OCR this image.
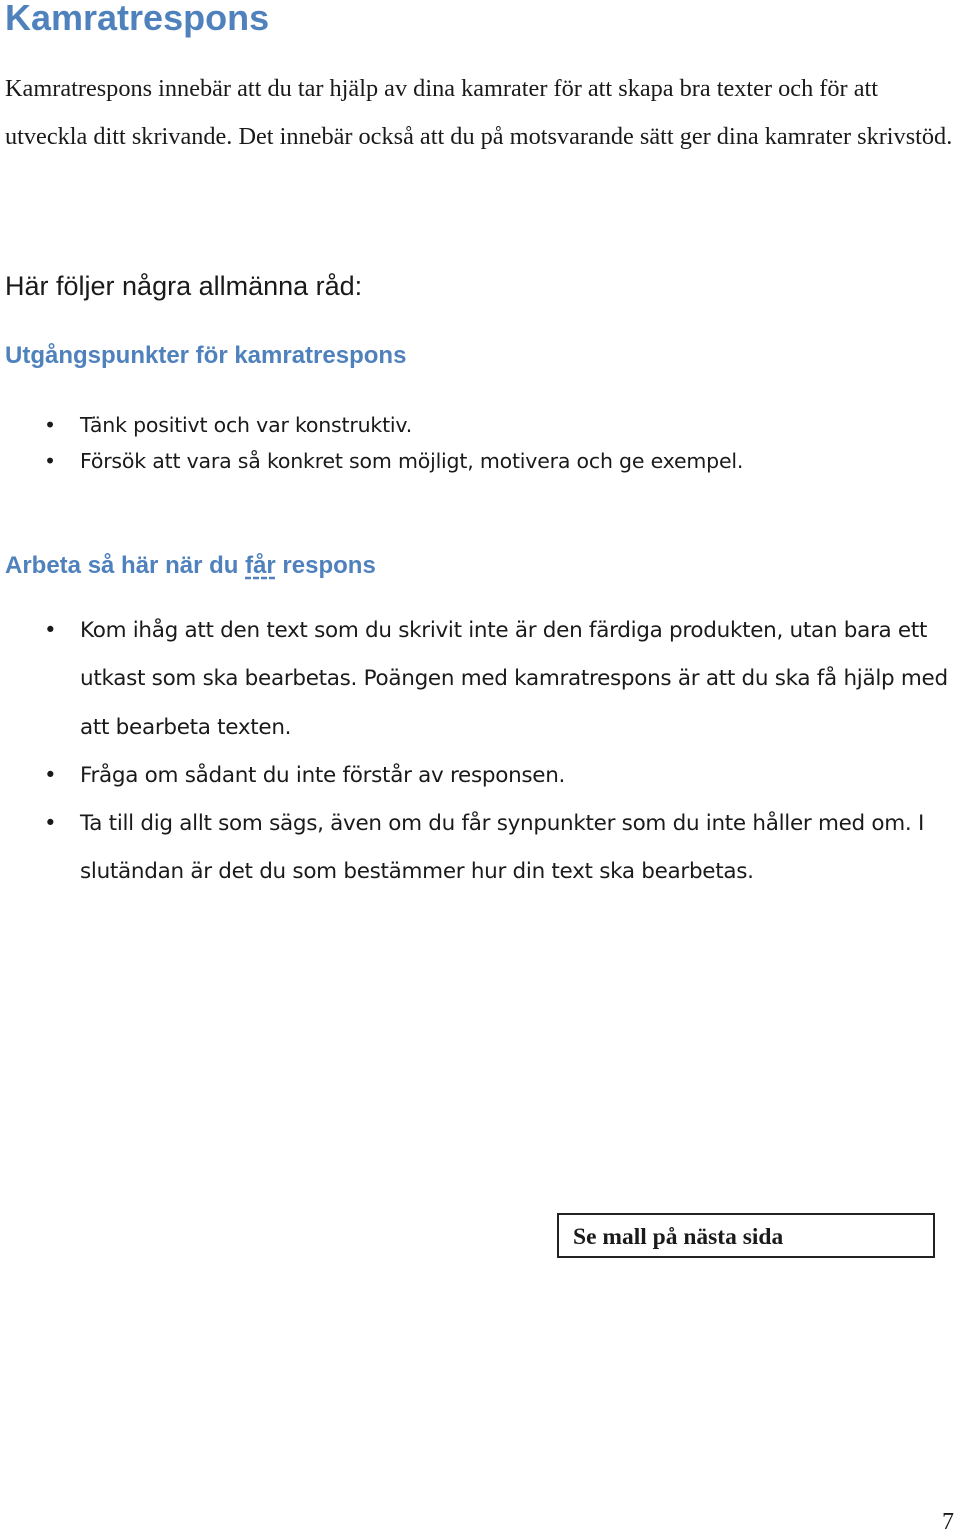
Kamratrespons

Kamratrespons innebär att du tar hjälp av dina kamrater för att skapa bra texter och för att utveckla ditt skrivande. Det innebär också att du på motsvarande sätt ger dina kamrater skrivstöd.

Här följer några allmänna råd:
Utgångspunkter för kamratrespons
• Tänk positivt och var konstruktiv.
• Försök att vara så konkret som möjligt, motivera och ge exempel.
Arbeta så här när du får respons
• Kom ihåg att den text som du skrivit inte är den färdiga produkten, utan bara ett utkast som ska bearbetas. Poängen med kamratrespons är att du ska få hjälp med att bearbeta texten.
• Fråga om sådant du inte förstår av responsen.
• Ta till dig allt som sägs, även om du får synpunkter som du inte håller med om. I slutändan är det du som bestämmer hur din text ska bearbetas.
Se mall på nästa sida
7
